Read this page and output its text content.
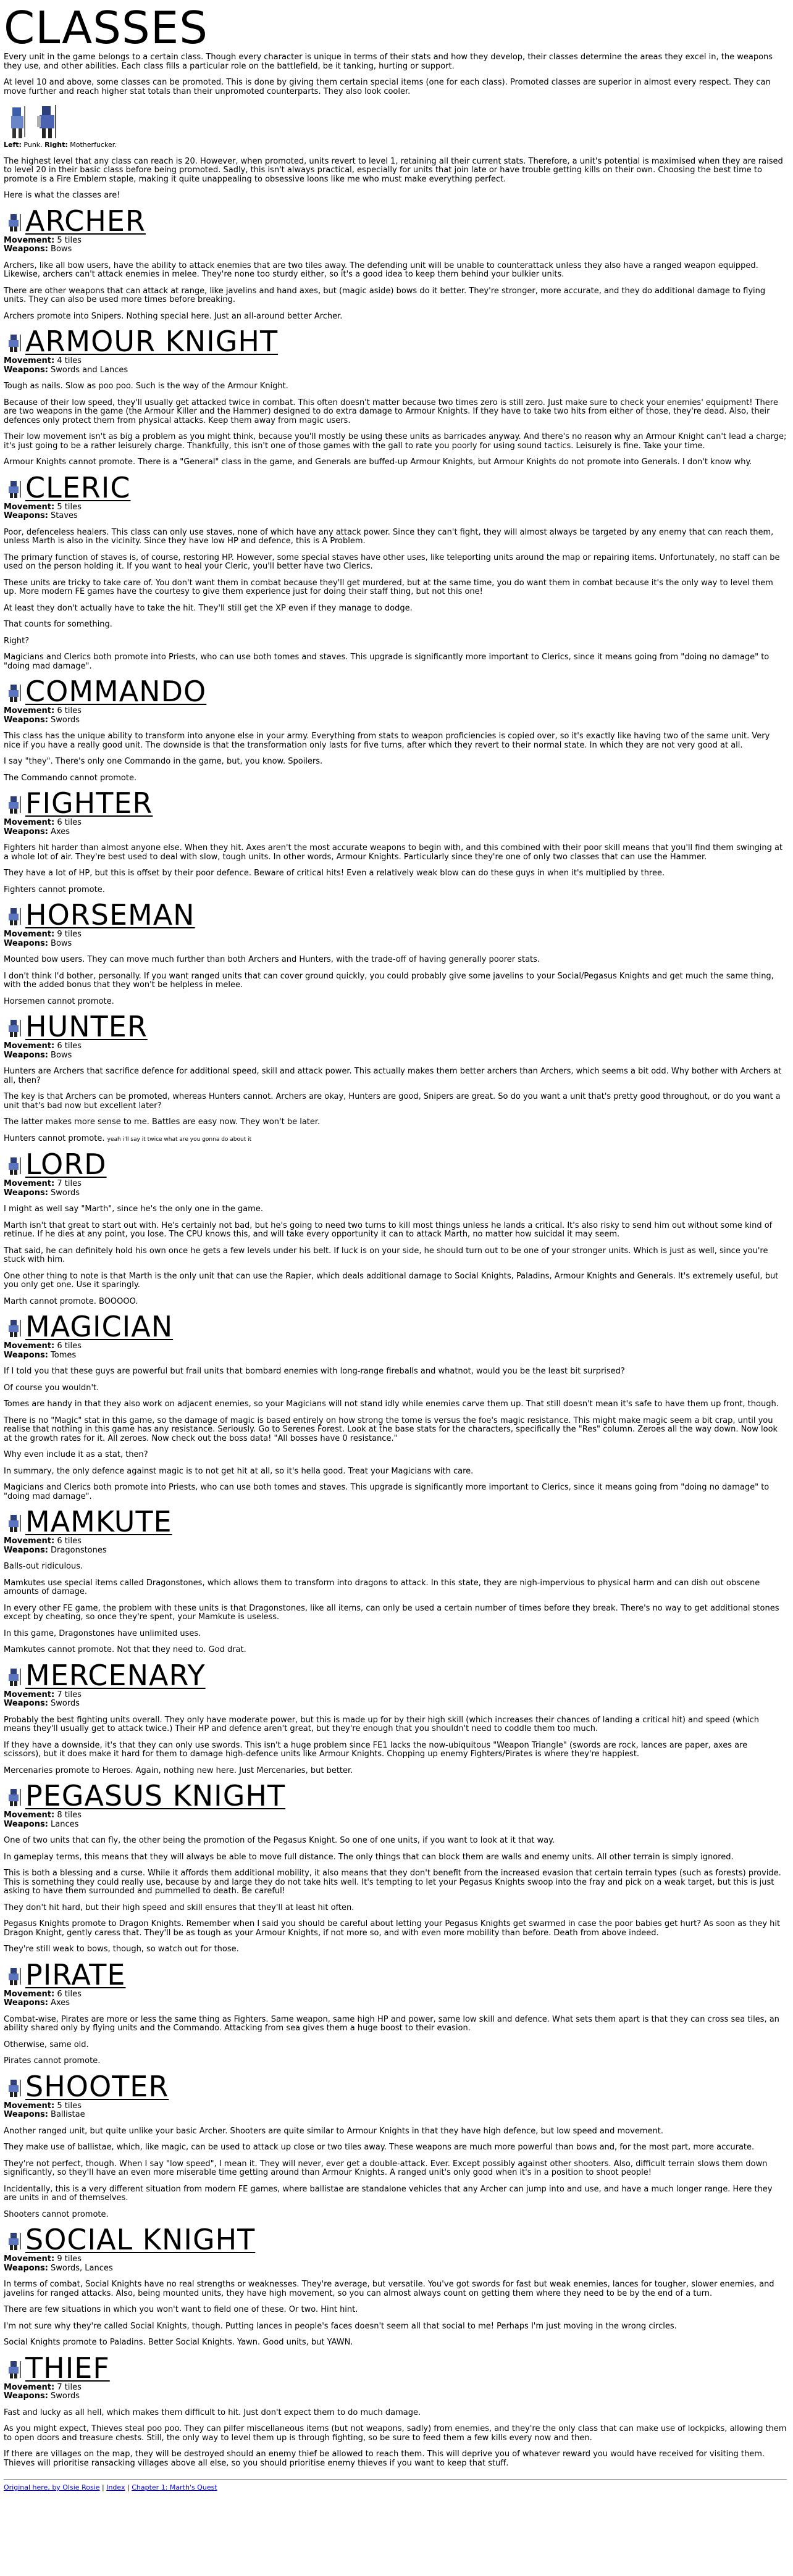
CLASSES

Every unit in the game belongs to a certain class. Though every character is unique in terms of their stats and how they develop, their classes determine the areas they excel in, the weapons they use, and other abilities. Each class fills a particular role on the battlefield, be it tanking, hurting or support.

At level 10 and above, some classes can be promoted. This is done by giving them certain special items (one for each class). Promoted classes are superior in almost every respect. They can move further and reach higher stat totals than their unpromoted counterparts. They also look cooler.

Left: Punk. Right: Motherfucker.

The highest level that any class can reach is 20. However, when promoted, units revert to level 1, retaining all their current stats. Therefore, a unit's potential is maximised when they are raised to level 20 in their basic class before being promoted. Sadly, this isn't always practical, especially for units that join late or have trouble getting kills on their own. Choosing the best time to promote is a Fire Emblem staple, making it quite unappealing to obsessive loons like me who must make everything perfect.

Here is what the classes are!

ARCHER
Movement: 5 tiles
Weapons: Bows

Archers, like all bow users, have the ability to attack enemies that are two tiles away. The defending unit will be unable to counterattack unless they also have a ranged weapon equipped. Likewise, archers can't attack enemies in melee. They're none too sturdy either, so it's a good idea to keep them behind your bulkier units.

There are other weapons that can attack at range, like javelins and hand axes, but (magic aside) bows do it better. They're stronger, more accurate, and they do additional damage to flying units. They can also be used more times before breaking.

Archers promote into Snipers. Nothing special here. Just an all-around better Archer.

ARMOUR KNIGHT
Movement: 4 tiles
Weapons: Swords and Lances

Tough as nails. Slow as poo poo. Such is the way of the Armour Knight.

Because of their low speed, they'll usually get attacked twice in combat. This often doesn't matter because two times zero is still zero. Just make sure to check your enemies' equipment! There are two weapons in the game (the Armour Killer and the Hammer) designed to do extra damage to Armour Knights. If they have to take two hits from either of those, they're dead. Also, their defences only protect them from physical attacks. Keep them away from magic users.

Their low movement isn't as big a problem as you might think, because you'll mostly be using these units as barricades anyway. And there's no reason why an Armour Knight can't lead a charge; it's just going to be a rather leisurely charge. Thankfully, this isn't one of those games with the gall to rate you poorly for using sound tactics. Leisurely is fine. Take your time.

Armour Knights cannot promote. There is a "General" class in the game, and Generals are buffed-up Armour Knights, but Armour Knights do not promote into Generals. I don't know why.

CLERIC
Movement: 5 tiles
Weapons: Staves

Poor, defenceless healers. This class can only use staves, none of which have any attack power. Since they can't fight, they will almost always be targeted by any enemy that can reach them, unless Marth is also in the vicinity. Since they have low HP and defence, this is A Problem.

The primary function of staves is, of course, restoring HP. However, some special staves have other uses, like teleporting units around the map or repairing items. Unfortunately, no staff can be used on the person holding it. If you want to heal your Cleric, you'll better have two Clerics.

These units are tricky to take care of. You don't want them in combat because they'll get murdered, but at the same time, you do want them in combat because it's the only way to level them up. More modern FE games have the courtesy to give them experience just for doing their staff thing, but not this one!

At least they don't actually have to take the hit. They'll still get the XP even if they manage to dodge.

That counts for something.

Right?

Magicians and Clerics both promote into Priests, who can use both tomes and staves. This upgrade is significantly more important to Clerics, since it means going from "doing no damage" to "doing mad damage".

COMMANDO
Movement: 6 tiles
Weapons: Swords

This class has the unique ability to transform into anyone else in your army. Everything from stats to weapon proficiencies is copied over, so it's exactly like having two of the same unit. Very nice if you have a really good unit. The downside is that the transformation only lasts for five turns, after which they revert to their normal state. In which they are not very good at all.

I say "they". There's only one Commando in the game, but, you know. Spoilers.

The Commando cannot promote.

FIGHTER
Movement: 6 tiles
Weapons: Axes

Fighters hit harder than almost anyone else. When they hit. Axes aren't the most accurate weapons to begin with, and this combined with their poor skill means that you'll find them swinging at a whole lot of air. They're best used to deal with slow, tough units. In other words, Armour Knights. Particularly since they're one of only two classes that can use the Hammer.

They have a lot of HP, but this is offset by their poor defence. Beware of critical hits! Even a relatively weak blow can do these guys in when it's multiplied by three.

Fighters cannot promote.

HORSEMAN
Movement: 9 tiles
Weapons: Bows

Mounted bow users. They can move much further than both Archers and Hunters, with the trade-off of having generally poorer stats.

I don't think I'd bother, personally. If you want ranged units that can cover ground quickly, you could probably give some javelins to your Social/Pegasus Knights and get much the same thing, with the added bonus that they won't be helpless in melee.

Horsemen cannot promote.

HUNTER
Movement: 6 tiles
Weapons: Bows

Hunters are Archers that sacrifice defence for additional speed, skill and attack power. This actually makes them better archers than Archers, which seems a bit odd. Why bother with Archers at all, then?

The key is that Archers can be promoted, whereas Hunters cannot. Archers are okay, Hunters are good, Snipers are great. So do you want a unit that's pretty good throughout, or do you want a unit that's bad now but excellent later?

The latter makes more sense to me. Battles are easy now. They won't be later.

Hunters cannot promote. yeah i'll say it twice what are you gonna do about it

LORD
Movement: 7 tiles
Weapons: Swords

I might as well say "Marth", since he's the only one in the game.

Marth isn't that great to start out with. He's certainly not bad, but he's going to need two turns to kill most things unless he lands a critical. It's also risky to send him out without some kind of retinue. If he dies at any point, you lose. The CPU knows this, and will take every opportunity it can to attack Marth, no matter how suicidal it may seem.

That said, he can definitely hold his own once he gets a few levels under his belt. If luck is on your side, he should turn out to be one of your stronger units. Which is just as well, since you're stuck with him.

One other thing to note is that Marth is the only unit that can use the Rapier, which deals additional damage to Social Knights, Paladins, Armour Knights and Generals. It's extremely useful, but you only get one. Use it sparingly.

Marth cannot promote. BOOOOO.

MAGICIAN
Movement: 6 tiles
Weapons: Tomes

If I told you that these guys are powerful but frail units that bombard enemies with long-range fireballs and whatnot, would you be the least bit surprised?

Of course you wouldn't.

Tomes are handy in that they also work on adjacent enemies, so your Magicians will not stand idly while enemies carve them up. That still doesn't mean it's safe to have them up front, though.

There is no "Magic" stat in this game, so the damage of magic is based entirely on how strong the tome is versus the foe's magic resistance. This might make magic seem a bit crap, until you realise that nothing in this game has any resistance. Seriously. Go to Serenes Forest. Look at the base stats for the characters, specifically the "Res" column. Zeroes all the way down. Now look at the growth rates for it. All zeroes. Now check out the boss data! "All bosses have 0 resistance."

Why even include it as a stat, then?

In summary, the only defence against magic is to not get hit at all, so it's hella good. Treat your Magicians with care.

Magicians and Clerics both promote into Priests, who can use both tomes and staves. This upgrade is significantly more important to Clerics, since it means going from "doing no damage" to "doing mad damage".

MAMKUTE
Movement: 6 tiles
Weapons: Dragonstones

Balls-out ridiculous.

Mamkutes use special items called Dragonstones, which allows them to transform into dragons to attack. In this state, they are nigh-impervious to physical harm and can dish out obscene amounts of damage.

In every other FE game, the problem with these units is that Dragonstones, like all items, can only be used a certain number of times before they break. There's no way to get additional stones except by cheating, so once they're spent, your Mamkute is useless.

In this game, Dragonstones have unlimited uses.

Mamkutes cannot promote. Not that they need to. God drat.

MERCENARY
Movement: 7 tiles
Weapons: Swords

Probably the best fighting units overall. They only have moderate power, but this is made up for by their high skill (which increases their chances of landing a critical hit) and speed (which means they'll usually get to attack twice.) Their HP and defence aren't great, but they're enough that you shouldn't need to coddle them too much.

If they have a downside, it's that they can only use swords. This isn't a huge problem since FE1 lacks the now-ubiquitous "Weapon Triangle" (swords are rock, lances are paper, axes are scissors), but it does make it hard for them to damage high-defence units like Armour Knights. Chopping up enemy Fighters/Pirates is where they're happiest.

Mercenaries promote to Heroes. Again, nothing new here. Just Mercenaries, but better.

PEGASUS KNIGHT
Movement: 8 tiles
Weapons: Lances

One of two units that can fly, the other being the promotion of the Pegasus Knight. So one of one units, if you want to look at it that way.

In gameplay terms, this means that they will always be able to move full distance. The only things that can block them are walls and enemy units. All other terrain is simply ignored.

This is both a blessing and a curse. While it affords them additional mobility, it also means that they don't benefit from the increased evasion that certain terrain types (such as forests) provide. This is something they could really use, because by and large they do not take hits well. It's tempting to let your Pegasus Knights swoop into the fray and pick on a weak target, but this is just asking to have them surrounded and pummelled to death. Be careful!

They don't hit hard, but their high speed and skill ensures that they'll at least hit often.

Pegasus Knights promote to Dragon Knights. Remember when I said you should be careful about letting your Pegasus Knights get swarmed in case the poor babies get hurt? As soon as they hit Dragon Knight, gently caress that. They'll be as tough as your Armour Knights, if not more so, and with even more mobility than before. Death from above indeed.

They're still weak to bows, though, so watch out for those.

PIRATE
Movement: 6 tiles
Weapons: Axes

Combat-wise, Pirates are more or less the same thing as Fighters. Same weapon, same high HP and power, same low skill and defence. What sets them apart is that they can cross sea tiles, an ability shared only by flying units and the Commando. Attacking from sea gives them a huge boost to their evasion.

Otherwise, same old.

Pirates cannot promote.

SHOOTER
Movement: 5 tiles
Weapons: Ballistae

Another ranged unit, but quite unlike your basic Archer. Shooters are quite similar to Armour Knights in that they have high defence, but low speed and movement.

They make use of ballistae, which, like magic, can be used to attack up close or two tiles away. These weapons are much more powerful than bows and, for the most part, more accurate.

They're not perfect, though. When I say "low speed", I mean it. They will never, ever get a double-attack. Ever. Except possibly against other shooters. Also, difficult terrain slows them down significantly, so they'll have an even more miserable time getting around than Armour Knights. A ranged unit's only good when it's in a position to shoot people!

Incidentally, this is a very different situation from modern FE games, where ballistae are standalone vehicles that any Archer can jump into and use, and have a much longer range. Here they are units in and of themselves.

Shooters cannot promote.

SOCIAL KNIGHT
Movement: 9 tiles
Weapons: Swords, Lances

In terms of combat, Social Knights have no real strengths or weaknesses. They're average, but versatile. You've got swords for fast but weak enemies, lances for tougher, slower enemies, and javelins for ranged attacks. Also, being mounted units, they have high movement, so you can almost always count on getting them where they need to be by the end of a turn.

There are few situations in which you won't want to field one of these. Or two. Hint hint.

I'm not sure why they're called Social Knights, though. Putting lances in people's faces doesn't seem all that social to me! Perhaps I'm just moving in the wrong circles.

Social Knights promote to Paladins. Better Social Knights. Yawn. Good units, but YAWN.

THIEF
Movement: 7 tiles
Weapons: Swords

Fast and lucky as all hell, which makes them difficult to hit. Just don't expect them to do much damage.

As you might expect, Thieves steal poo poo. They can pilfer miscellaneous items (but not weapons, sadly) from enemies, and they're the only class that can make use of lockpicks, allowing them to open doors and treasure chests. Still, the only way to level them up is through fighting, so be sure to feed them a few kills every now and then.

If there are villages on the map, they will be destroyed should an enemy thief be allowed to reach them. This will deprive you of whatever reward you would have received for visiting them. Thieves will prioritise ransacking villages above all else, so you should prioritise enemy thieves if you want to keep that stuff.

Original here, by Olsie Rosie | Index | Chapter 1: Marth's Quest
